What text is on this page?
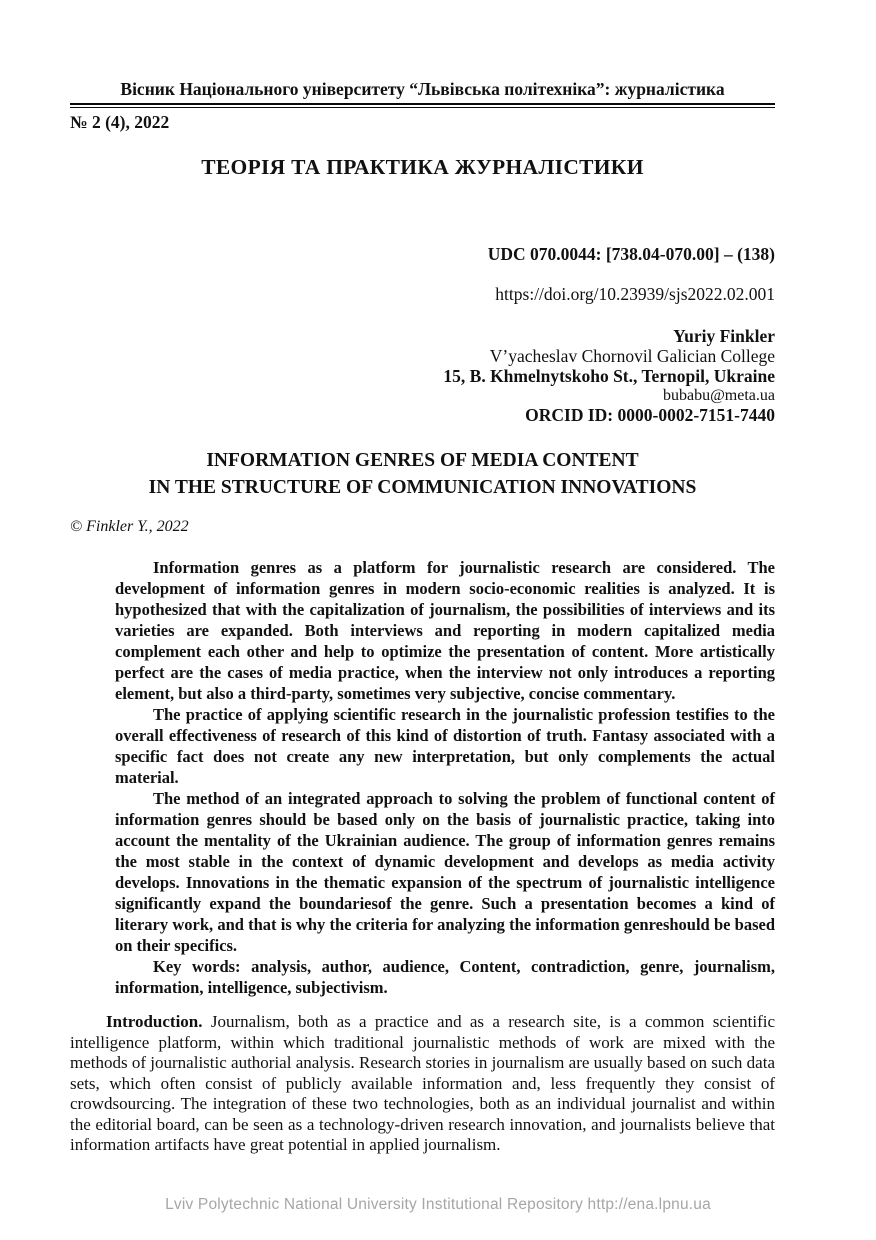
Вісник Національного університету “Львівська політехніка”: журналістика
№ 2 (4), 2022
ТЕОРІЯ ТА ПРАКТИКА ЖУРНАЛІСТИКИ
UDC 070.0044: [738.04-070.00] – (138)
https://doi.org/10.23939/sjs2022.02.001
Yuriy Finkler
V’yacheslav Chornovil Galician College
15, B. Khmelnytskoho St., Ternopil, Ukraine
bubabu@meta.ua
ORCID ID: 0000-0002-7151-7440
INFORMATION GENRES OF MEDIA CONTENT
IN THE STRUCTURE OF COMMUNICATION INNOVATIONS
© Finkler Y., 2022

Information genres as a platform for journalistic research are considered. The development of information genres in modern socio-economic realities is analyzed. It is hypothesized that with the capitalization of journalism, the possibilities of interviews and its varieties are expanded. Both interviews and reporting in modern capitalized media complement each other and help to optimize the presentation of content. More artistically perfect are the cases of media practice, when the interview not only introduces a reporting element, but also a third-party, sometimes very subjective, concise commentary.

The practice of applying scientific research in the journalistic profession testifies to the overall effectiveness of research of this kind of distortion of truth. Fantasy associated with a specific fact does not create any new interpretation, but only complements the actual material.

The method of an integrated approach to solving the problem of functional content of information genres should be based only on the basis of journalistic practice, taking into account the mentality of the Ukrainian audience. The group of information genres remains the most stable in the context of dynamic development and develops as media activity develops. Innovations in the thematic expansion of the spectrum of journalistic intelligence significantly expand the boundariesof the genre. Such a presentation becomes a kind of literary work, and that is why the criteria for analyzing the information genreshould be based on their specifics.

Key words: analysis, author, audience, Content, contradiction, genre, journalism, information, intelligence, subjectivism.

Introduction. Journalism, both as a practice and as a research site, is a common scientific intelligence platform, within which traditional journalistic methods of work are mixed with the methods of journalistic authorial analysis. Research stories in journalism are usually based on such data sets, which often consist of publicly available information and, less frequently they consist of crowdsourcing. The integration of these two technologies, both as an individual journalist and within the editorial board, can be seen as a technology-driven research innovation, and journalists believe that information artifacts have great potential in applied journalism.

Lviv Polytechnic National University Institutional Repository http://ena.lpnu.ua
